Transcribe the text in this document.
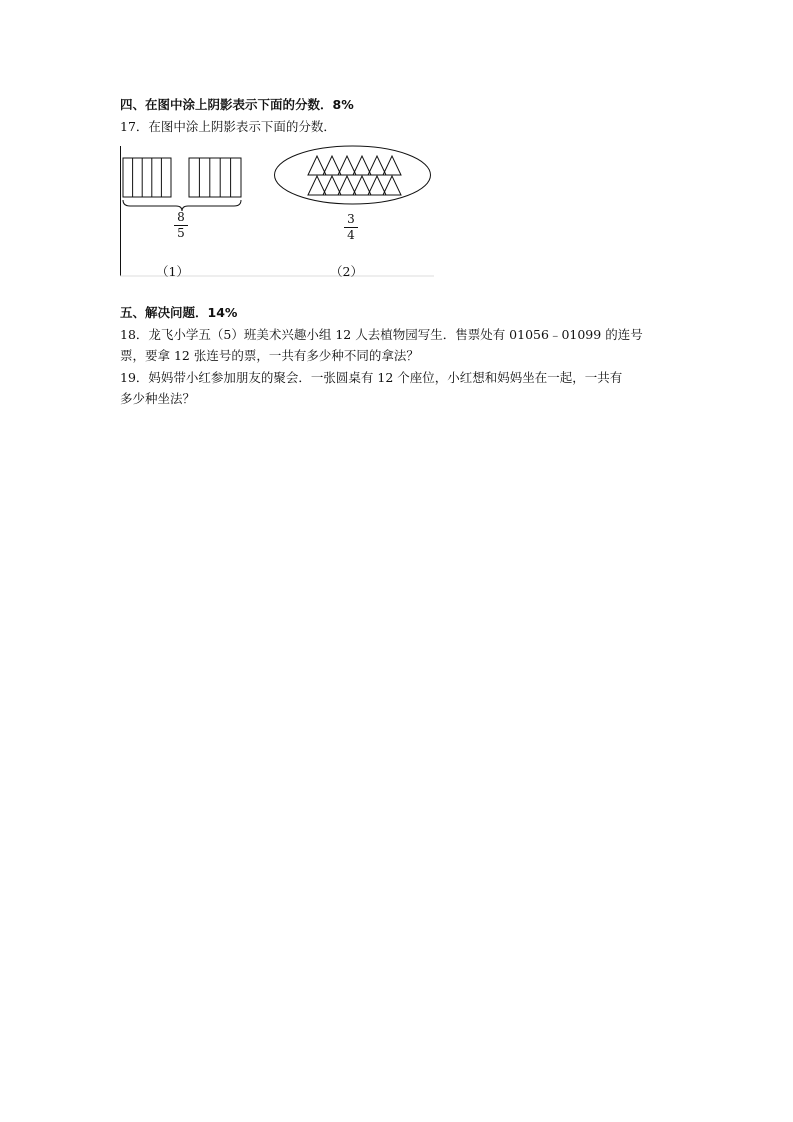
四、在图中涂上阴影表示下面的分数．8%
17．在图中涂上阴影表示下面的分数．
8
5
3
4
（1）	（2）
五、解决问题．14%
18．龙飞小学五（5）班美术兴趣小组 12 人去植物园写生．售票处有 01056﹣01099 的连号
票，要拿 12 张连号的票，一共有多少种不同的拿法？
19．妈妈带小红参加朋友的聚会．一张圆桌有 12 个座位，小红想和妈妈坐在一起，一共有
多少种坐法？
